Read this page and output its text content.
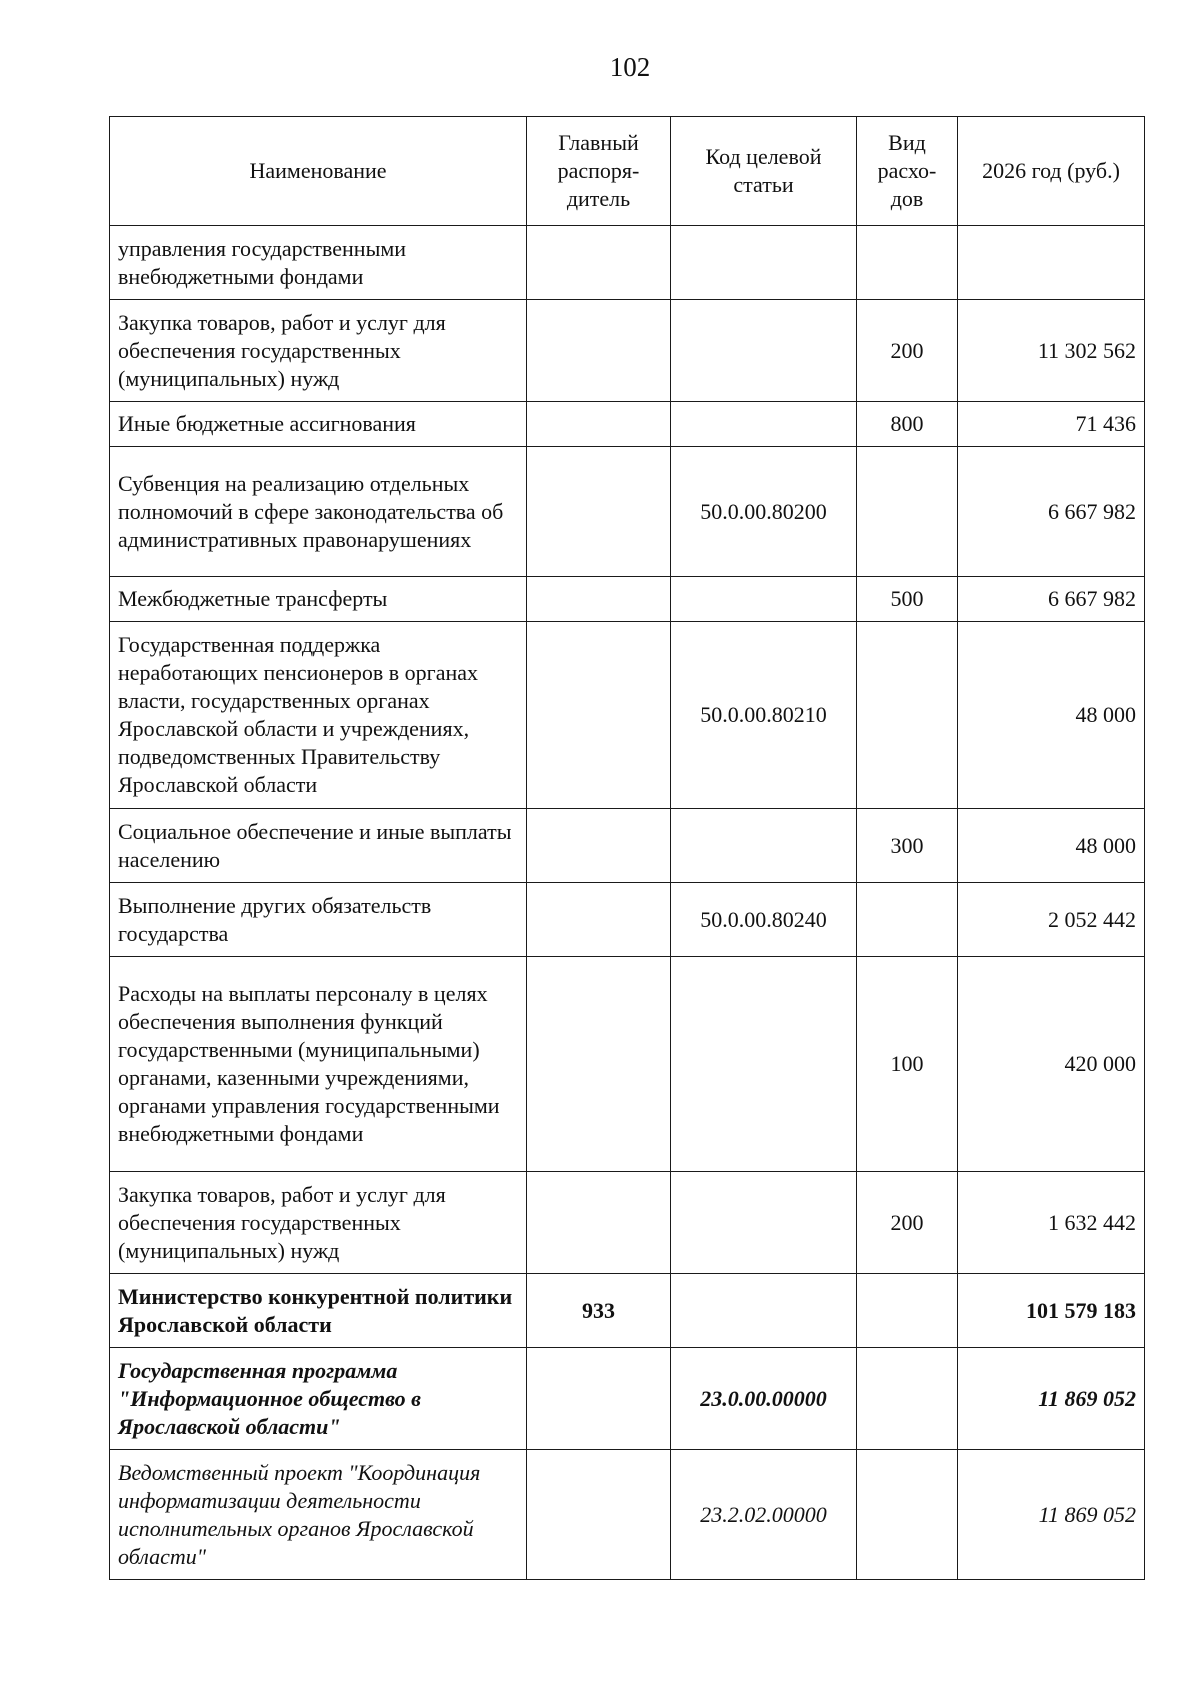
102
Наименование	Главный распоря-дитель	Код целевой статьи	Вид расхо-дов	2026 год (руб.)
управления государственными внебюджетными фондами				
Закупка товаров, работ и услуг для обеспечения государственных (муниципальных) нужд			200	11 302 562
Иные бюджетные ассигнования			800	71 436
Субвенция на реализацию отдельных полномочий в сфере законодательства об административных правонарушениях		50.0.00.80200		6 667 982
Межбюджетные трансферты			500	6 667 982
Государственная поддержка неработающих пенсионеров в органах власти, государственных органах Ярославской области и учреждениях, подведомственных Правительству Ярославской области		50.0.00.80210		48 000
Социальное обеспечение и иные выплаты населению			300	48 000
Выполнение других обязательств государства		50.0.00.80240		2 052 442
Расходы на выплаты персоналу в целях обеспечения выполнения функций государственными (муниципальными) органами, казенными учреждениями, органами управления государственными внебюджетными фондами			100	420 000
Закупка товаров, работ и услуг для обеспечения государственных (муниципальных) нужд			200	1 632 442
Министерство конкурентной политики Ярославской области	933			101 579 183
Государственная программа "Информационное общество в Ярославской области"		23.0.00.00000		11 869 052
Ведомственный проект "Координация информатизации деятельности исполнительных органов Ярославской области"		23.2.02.00000		11 869 052
